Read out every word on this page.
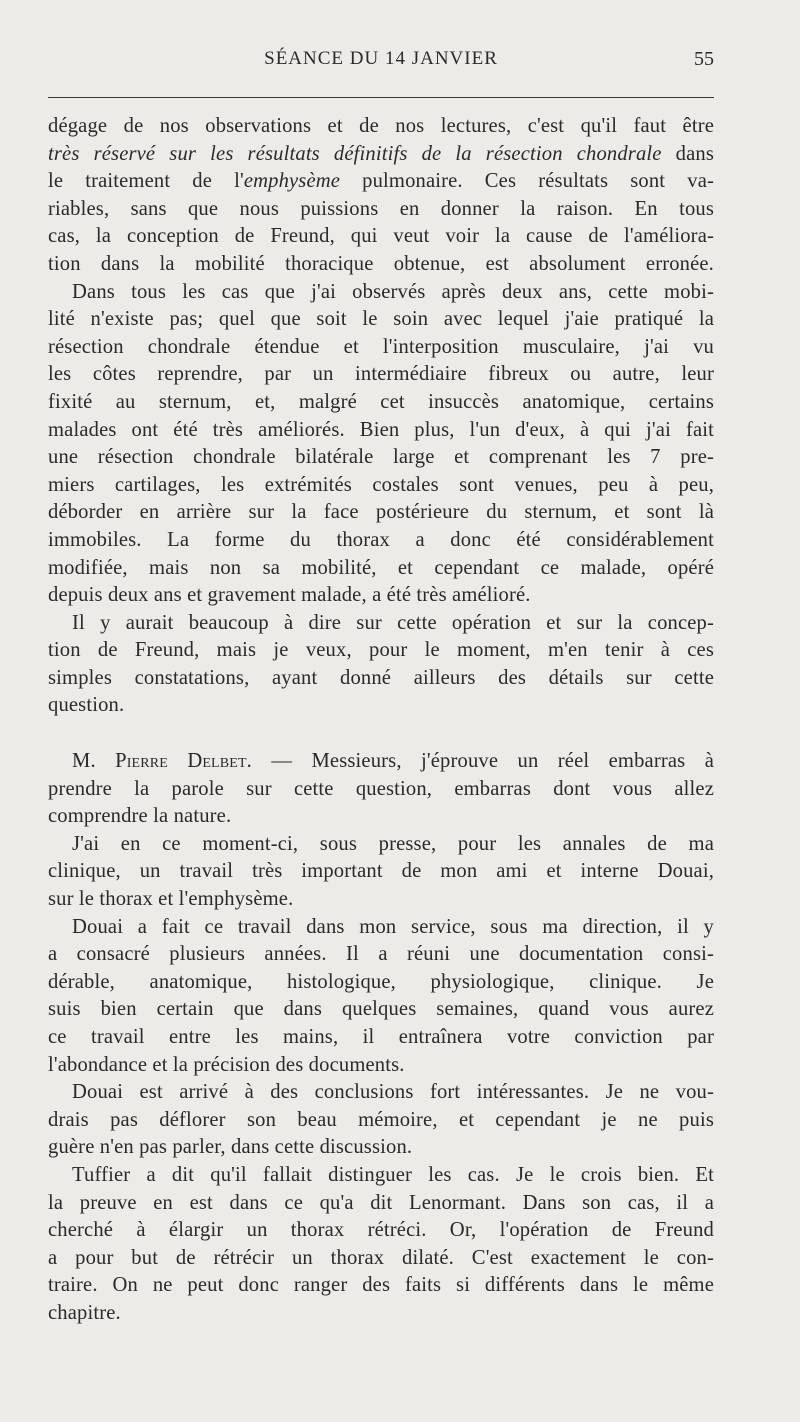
SÉANCE DU 14 JANVIER	55
dégage de nos observations et de nos lectures, c'est qu'il faut être
très réservé sur les résultats définitifs de la résection chondrale dans
le traitement de l'emphysème pulmonaire. Ces résultats sont va-
riables, sans que nous puissions en donner la raison. En tous
cas, la conception de Freund, qui veut voir la cause de l'améliora-
tion dans la mobilité thoracique obtenue, est absolument erronée.
Dans tous les cas que j'ai observés après deux ans, cette mobi-
lité n'existe pas; quel que soit le soin avec lequel j'aie pratiqué la
résection chondrale étendue et l'interposition musculaire, j'ai vu
les côtes reprendre, par un intermédiaire fibreux ou autre, leur
fixité au sternum, et, malgré cet insuccès anatomique, certains
malades ont été très améliorés. Bien plus, l'un d'eux, à qui j'ai fait
une résection chondrale bilatérale large et comprenant les 7 pre-
miers cartilages, les extrémités costales sont venues, peu à peu,
déborder en arrière sur la face postérieure du sternum, et sont là
immobiles. La forme du thorax a donc été considérablement
modifiée, mais non sa mobilité, et cependant ce malade, opéré
depuis deux ans et gravement malade, a été très amélioré.
Il y aurait beaucoup à dire sur cette opération et sur la concep-
tion de Freund, mais je veux, pour le moment, m'en tenir à ces
simples constatations, ayant donné ailleurs des détails sur cette
question.
M. Pierre Delbet. — Messieurs, j'éprouve un réel embarras à
prendre la parole sur cette question, embarras dont vous allez
comprendre la nature.
J'ai en ce moment-ci, sous presse, pour les annales de ma
clinique, un travail très important de mon ami et interne Douai,
sur le thorax et l'emphysème.
Douai a fait ce travail dans mon service, sous ma direction, il y
a consacré plusieurs années. Il a réuni une documentation consi-
dérable, anatomique, histologique, physiologique, clinique. Je
suis bien certain que dans quelques semaines, quand vous aurez
ce travail entre les mains, il entraînera votre conviction par
l'abondance et la précision des documents.
Douai est arrivé à des conclusions fort intéressantes. Je ne vou-
drais pas déflorer son beau mémoire, et cependant je ne puis
guère n'en pas parler, dans cette discussion.
Tuffier a dit qu'il fallait distinguer les cas. Je le crois bien. Et
la preuve en est dans ce qu'a dit Lenormant. Dans son cas, il a
cherché à élargir un thorax rétréci. Or, l'opération de Freund
a pour but de rétrécir un thorax dilaté. C'est exactement le con-
traire. On ne peut donc ranger des faits si différents dans le même
chapitre.
